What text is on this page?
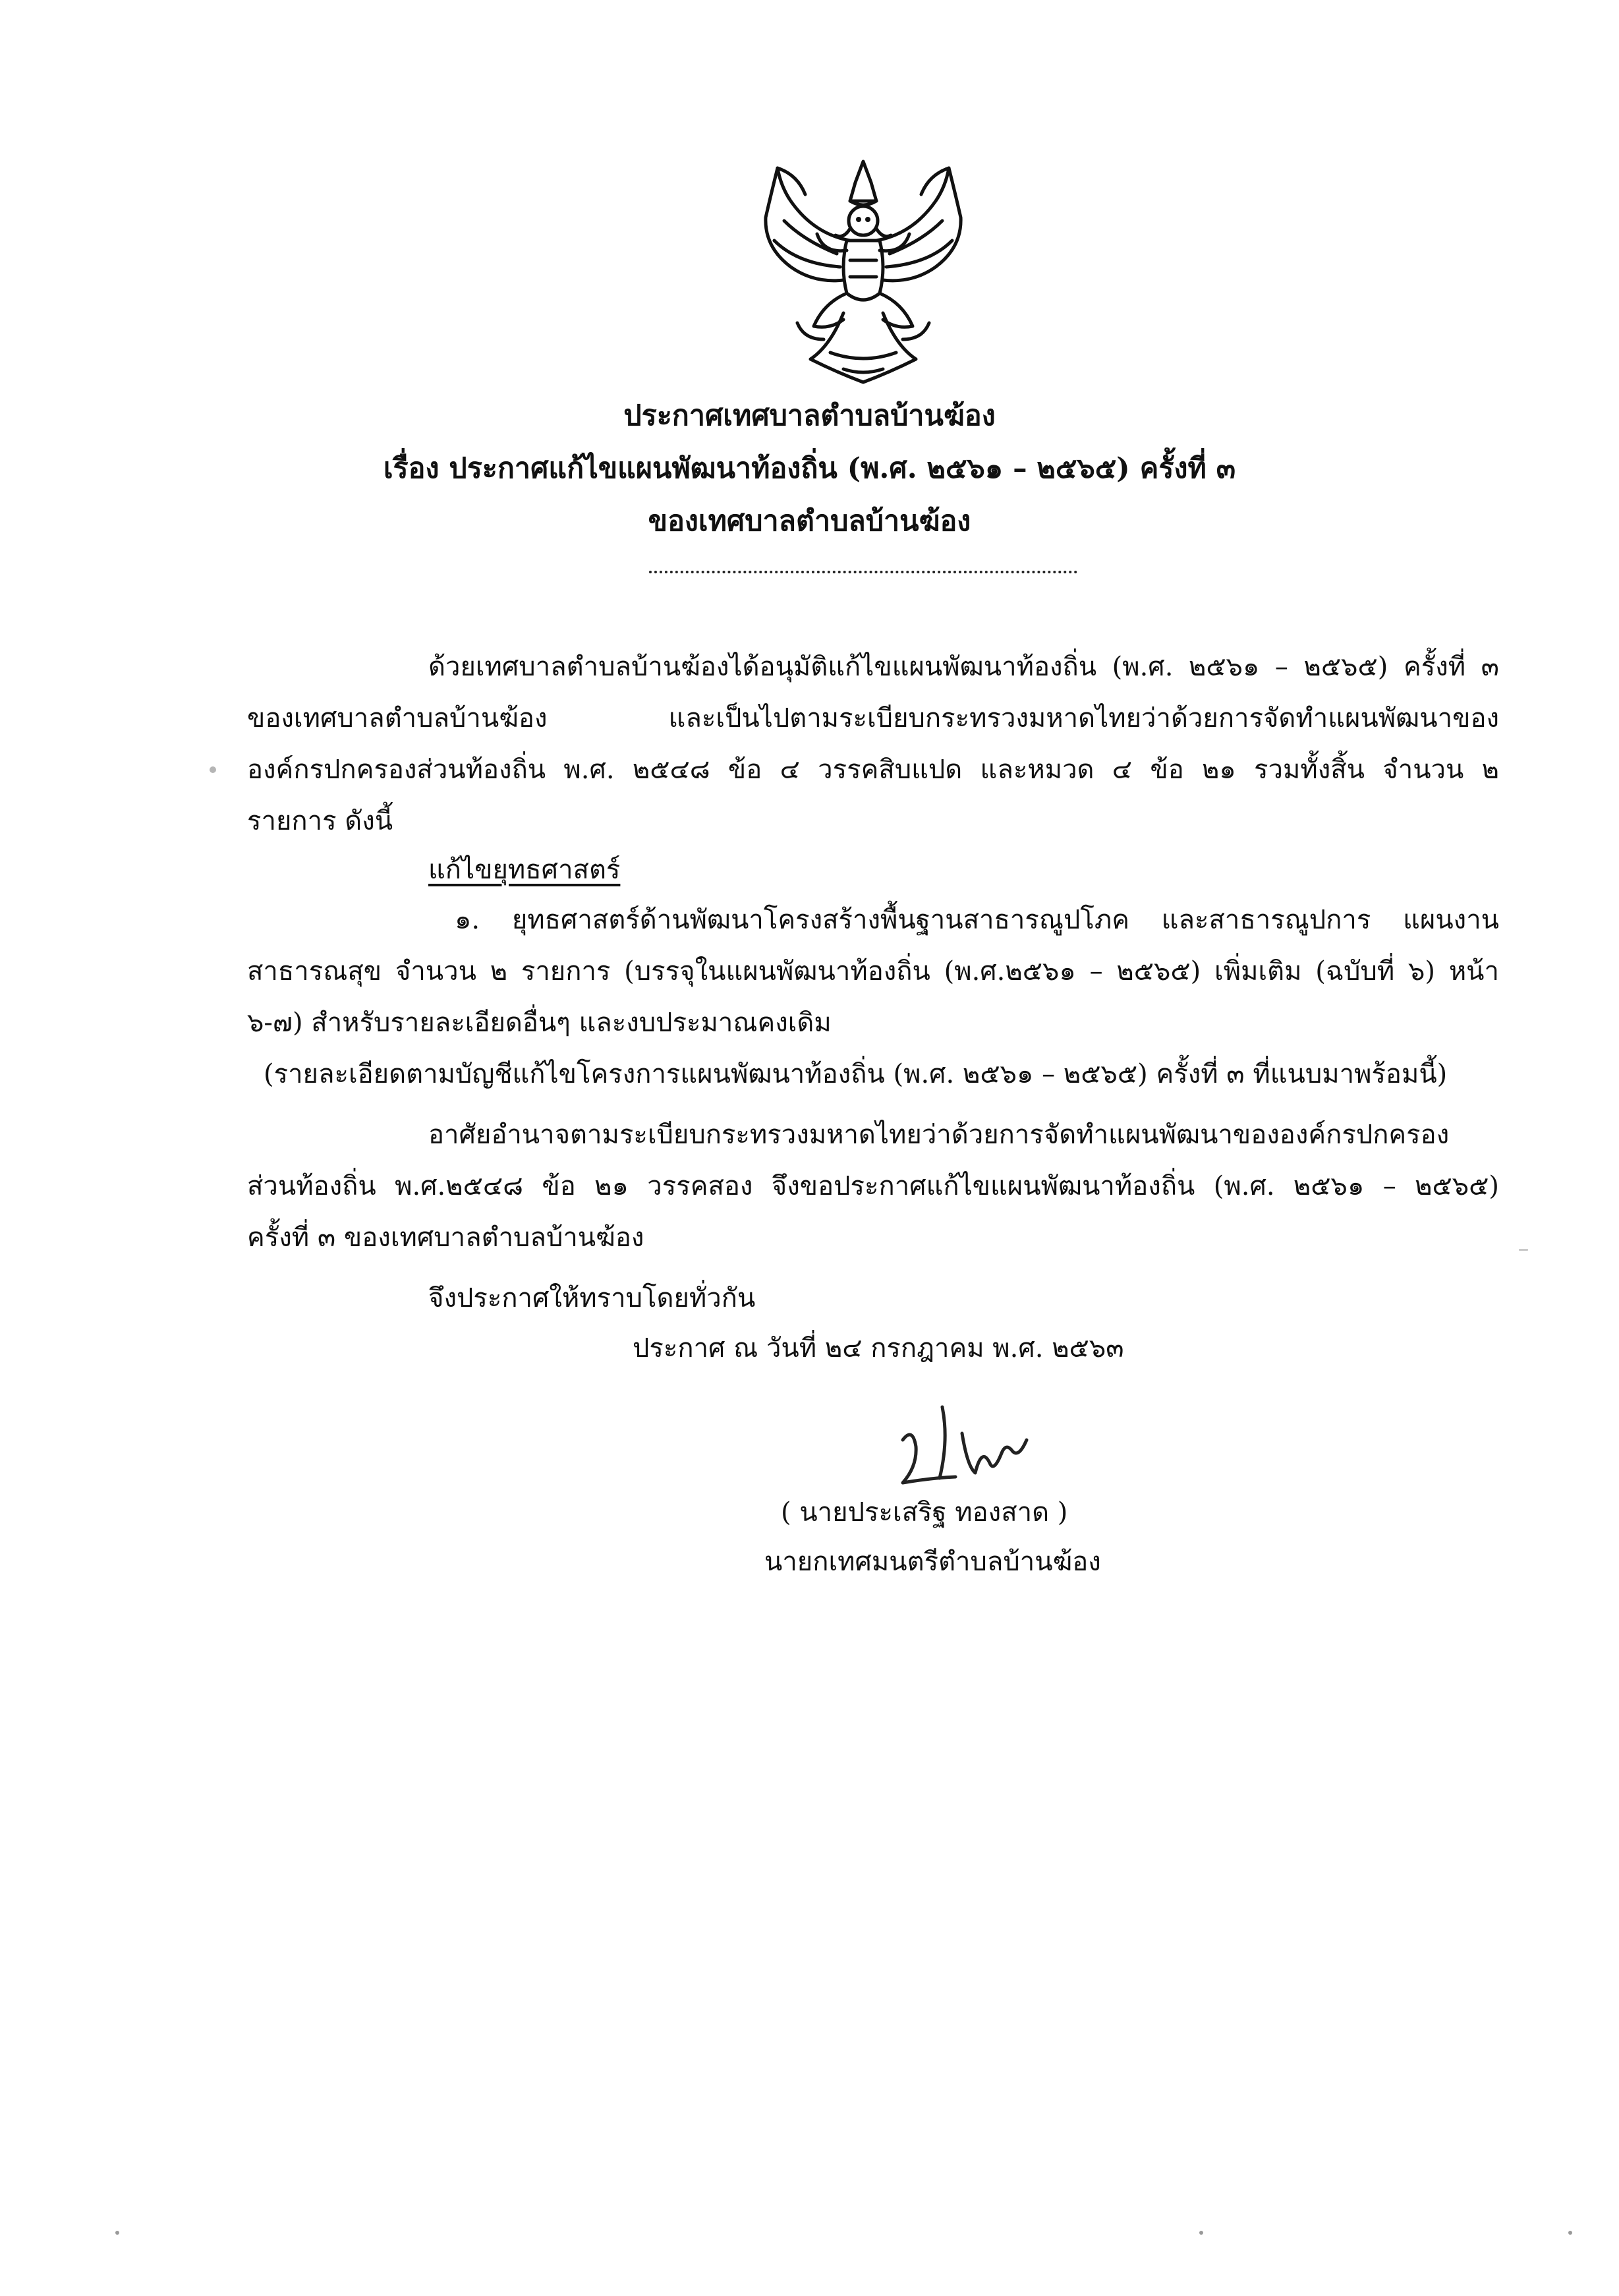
ประกาศเทศบาลตำบลบ้านฆ้อง
เรื่อง ประกาศแก้ไขแผนพัฒนาท้องถิ่น (พ.ศ. ๒๕๖๑ – ๒๕๖๕) ครั้งที่ ๓
ของเทศบาลตำบลบ้านฆ้อง
ด้วยเทศบาลตำบลบ้านฆ้องได้อนุมัติแก้ไขแผนพัฒนาท้องถิ่น (พ.ศ. ๒๕๖๑ – ๒๕๖๕) ครั้งที่ ๓
ของเทศบาลตำบลบ้านฆ้อง และเป็นไปตามระเบียบกระทรวงมหาดไทยว่าด้วยการจัดทำแผนพัฒนาของ
องค์กรปกครองส่วนท้องถิ่น พ.ศ. ๒๕๔๘ ข้อ ๔ วรรคสิบแปด และหมวด ๔ ข้อ ๒๑ รวมทั้งสิ้น จำนวน ๒
รายการ ดังนี้
แก้ไขยุทธศาสตร์
๑. ยุทธศาสตร์ด้านพัฒนาโครงสร้างพื้นฐานสาธารณูปโภค และสาธารณูปการ แผนงาน
สาธารณสุข จำนวน ๒ รายการ (บรรจุในแผนพัฒนาท้องถิ่น (พ.ศ.๒๕๖๑ – ๒๕๖๕) เพิ่มเติม (ฉบับที่ ๖) หน้า
๖-๗) สำหรับรายละเอียดอื่นๆ และงบประมาณคงเดิม
(รายละเอียดตามบัญชีแก้ไขโครงการแผนพัฒนาท้องถิ่น (พ.ศ. ๒๕๖๑ – ๒๕๖๕) ครั้งที่ ๓ ที่แนบมาพร้อมนี้)
อาศัยอำนาจตามระเบียบกระทรวงมหาดไทยว่าด้วยการจัดทำแผนพัฒนาขององค์กรปกครอง
ส่วนท้องถิ่น พ.ศ.๒๕๔๘ ข้อ ๒๑ วรรคสอง จึงขอประกาศแก้ไขแผนพัฒนาท้องถิ่น (พ.ศ. ๒๕๖๑ – ๒๕๖๕)
ครั้งที่ ๓ ของเทศบาลตำบลบ้านฆ้อง
จึงประกาศให้ทราบโดยทั่วกัน
ประกาศ ณ วันที่ ๒๔ กรกฎาคม พ.ศ. ๒๕๖๓
( นายประเสริฐ ทองสาด )
นายกเทศมนตรีตำบลบ้านฆ้อง
